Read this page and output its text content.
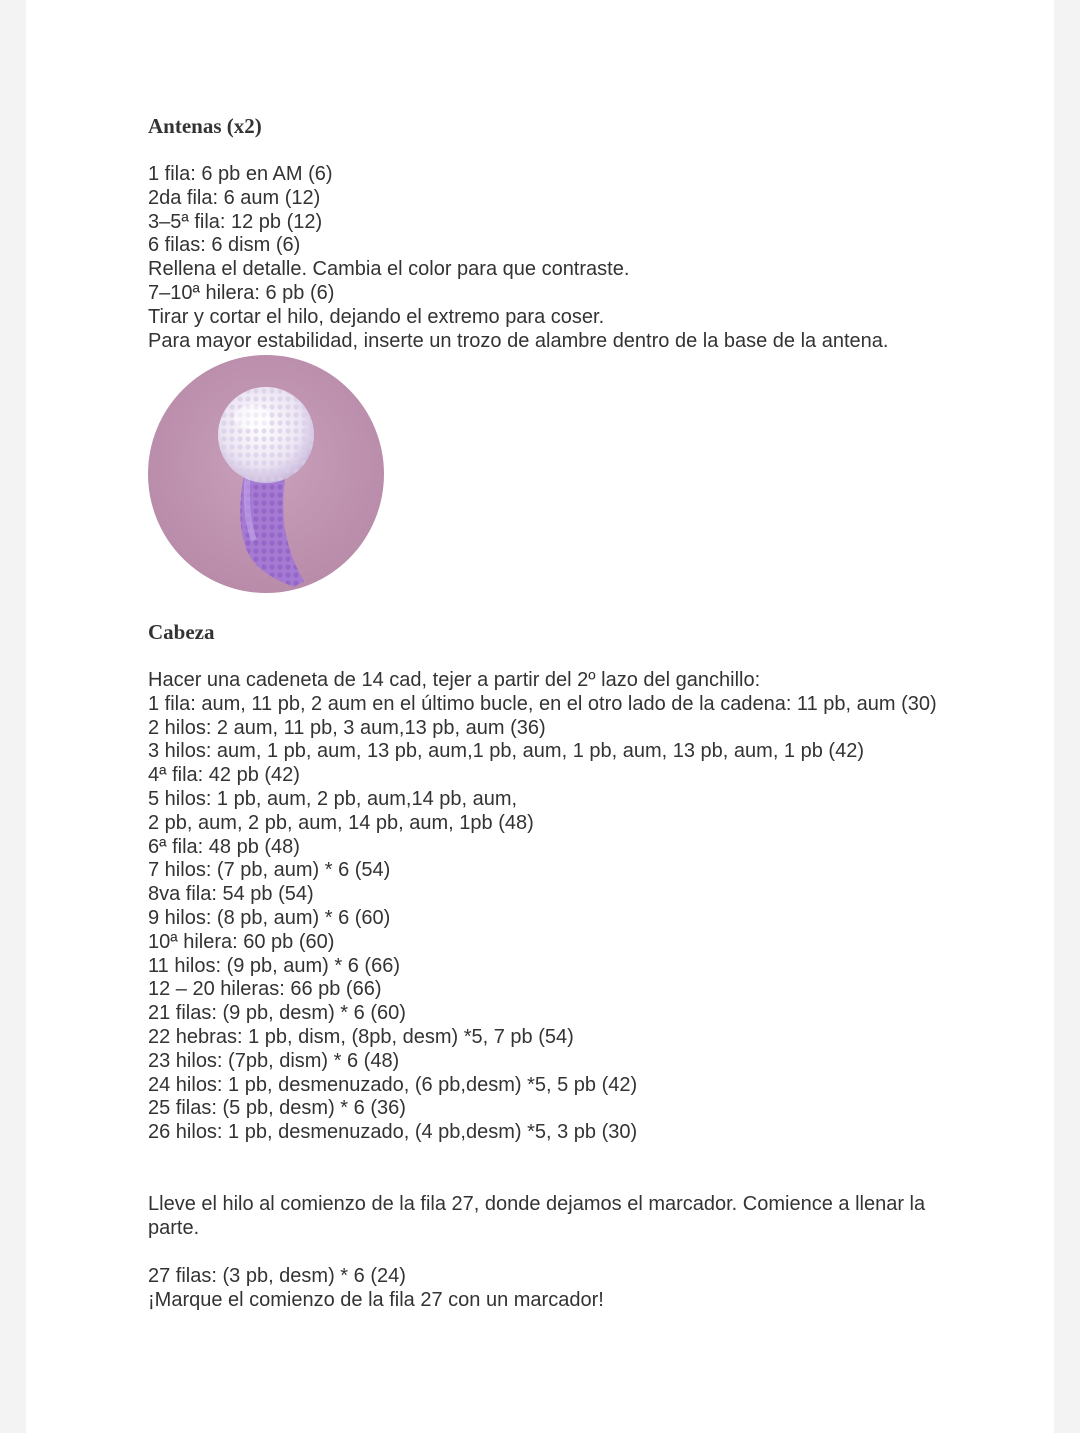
Antenas (x2)
1 fila: 6 pb en AM (6)
2da fila: 6 aum (12)
3–5ª fila: 12 pb (12)
6 filas: 6 dism (6)
Rellena el detalle. Cambia el color para que contraste.
7–10ª hilera: 6 pb (6)
Tirar y cortar el hilo, dejando el extremo para coser.
Para mayor estabilidad, inserte un trozo de alambre dentro de la base de la antena.
Cabeza
Hacer una cadeneta de 14 cad, tejer a partir del 2º lazo del ganchillo:
1 fila: aum, 11 pb, 2 aum en el último bucle, en el otro lado de la cadena: 11 pb, aum (30)
2 hilos: 2 aum, 11 pb, 3 aum,13 pb, aum (36)
3 hilos: aum, 1 pb, aum, 13 pb, aum,1 pb, aum, 1 pb, aum, 13 pb, aum, 1 pb (42)
4ª fila: 42 pb (42)
5 hilos: 1 pb, aum, 2 pb, aum,14 pb, aum,
2 pb, aum, 2 pb, aum, 14 pb, aum, 1pb (48)
6ª fila: 48 pb (48)
7 hilos: (7 pb, aum) * 6 (54)
8va fila: 54 pb (54)
9 hilos: (8 pb, aum) * 6 (60)
10ª hilera: 60 pb (60)
11 hilos: (9 pb, aum) * 6 (66)
12 – 20 hileras: 66 pb (66)
21 filas: (9 pb, desm) * 6 (60)
22 hebras: 1 pb, dism, (8pb, desm) *5, 7 pb (54)
23 hilos: (7pb, dism) * 6 (48)
24 hilos: 1 pb, desmenuzado, (6 pb,desm) *5, 5 pb (42)
25 filas: (5 pb, desm) * 6 (36)
26 hilos: 1 pb, desmenuzado, (4 pb,desm) *5, 3 pb (30)
Lleve el hilo al comienzo de la fila 27, donde dejamos el marcador. Comience a llenar la parte.
27 filas: (3 pb, desm) * 6 (24)
¡Marque el comienzo de la fila 27 con un marcador!
